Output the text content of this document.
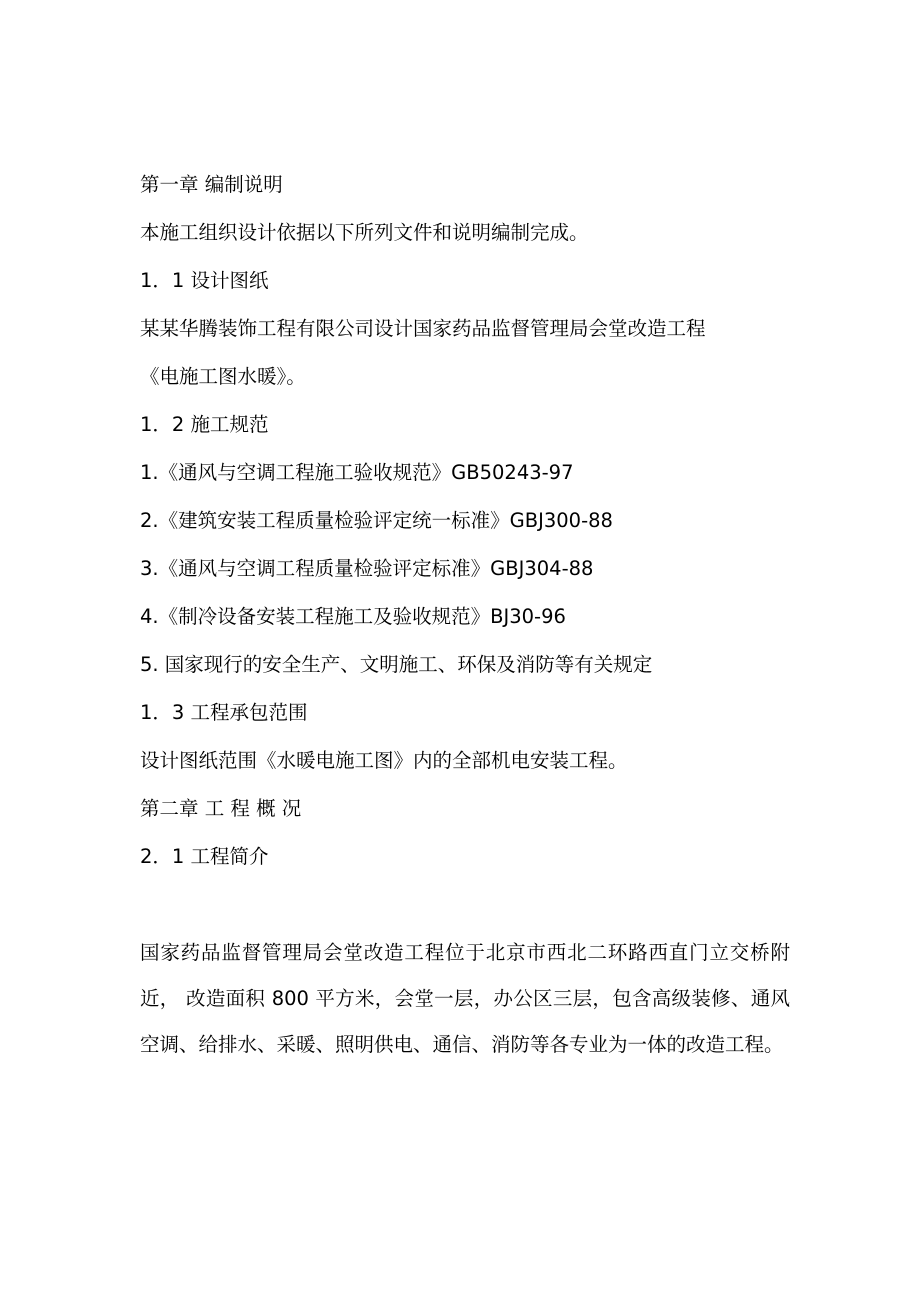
第一章 编制说明
本施工组织设计依据以下所列文件和说明编制完成。
1．1 设计图纸
某某华腾装饰工程有限公司设计国家药品监督管理局会堂改造工程
《电施工图水暖》。
1．2 施工规范
1.《通风与空调工程施工验收规范》GB50243-97
2.《建筑安装工程质量检验评定统一标准》GBJ300-88
3.《通风与空调工程质量检验评定标准》GBJ304-88
4.《制冷设备安装工程施工及验收规范》BJ30-96
5. 国家现行的安全生产、文明施工、环保及消防等有关规定
1．3 工程承包范围
设计图纸范围《水暖电施工图》内的全部机电安装工程。
第二章 工 程 概 况
2．1 工程简介
国家药品监督管理局会堂改造工程位于北京市西北二环路西直门立交桥附近， 改造面积 800 平方米，会堂一层，办公区三层，包含高级装修、通风空调、给排水、采暖、照明供电、通信、消防等各专业为一体的改造工程。
